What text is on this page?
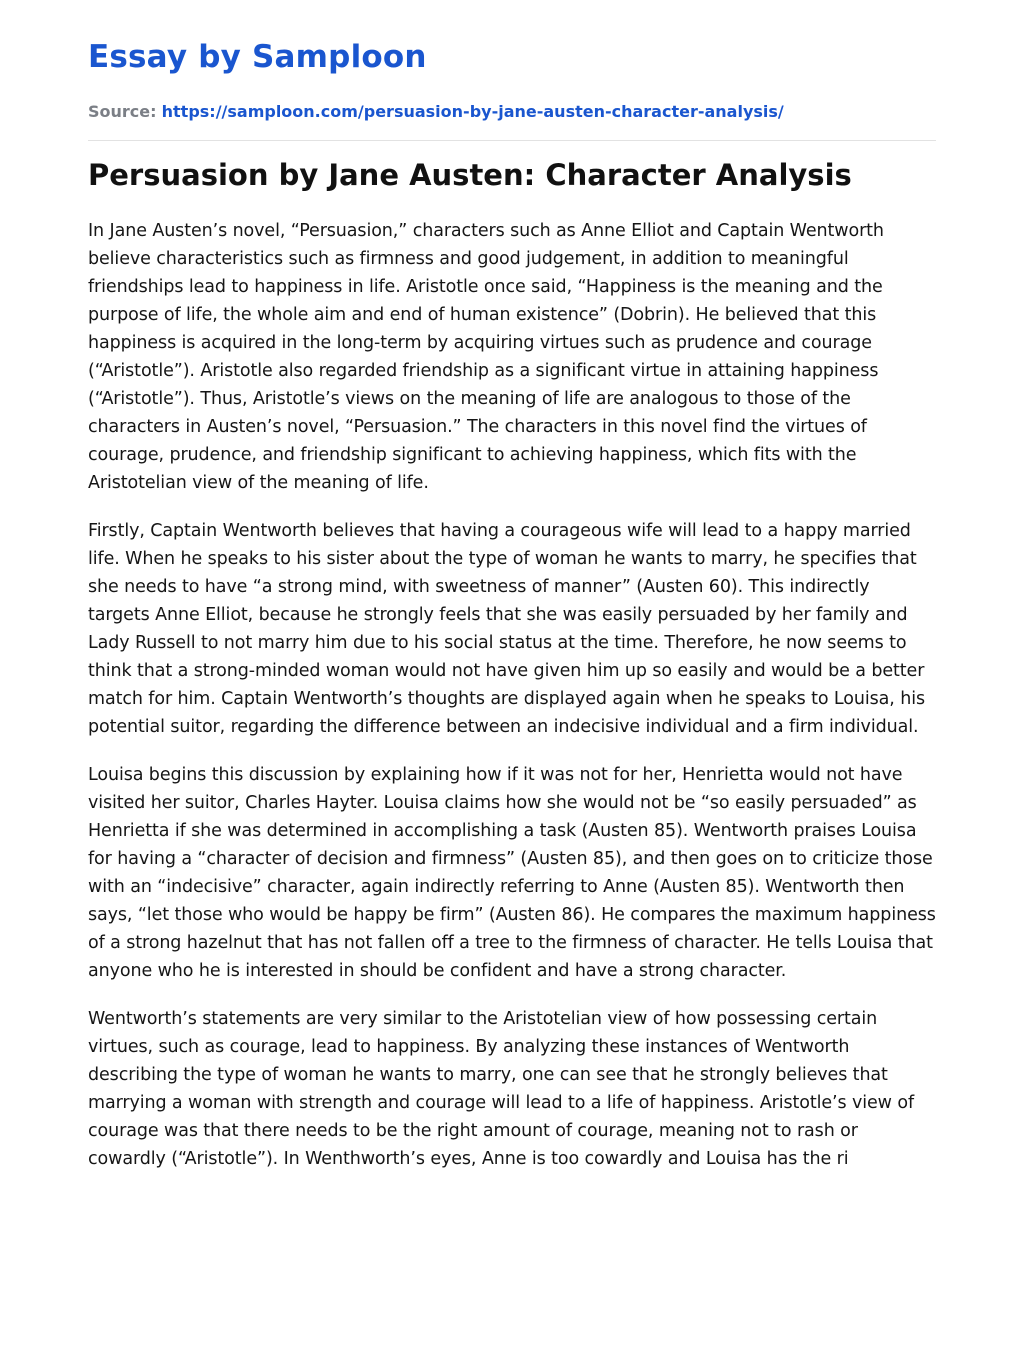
Essay by Samploon
Source: https://samploon.com/persuasion-by-jane-austen-character-analysis/
Persuasion by Jane Austen: Character Analysis

In Jane Austen’s novel, “Persuasion,” characters such as Anne Elliot and Captain Wentworth believe characteristics such as firmness and good judgement, in addition to meaningful friendships lead to happiness in life. Aristotle once said, “Happiness is the meaning and the purpose of life, the whole aim and end of human existence” (Dobrin). He believed that this happiness is acquired in the long-term by acquiring virtues such as prudence and courage (“Aristotle”). Aristotle also regarded friendship as a significant virtue in attaining happiness (“Aristotle”). Thus, Aristotle’s views on the meaning of life are analogous to those of the characters in Austen’s novel, “Persuasion.” The characters in this novel find the virtues of courage, prudence, and friendship significant to achieving happiness, which fits with the Aristotelian view of the meaning of life.

Firstly, Captain Wentworth believes that having a courageous wife will lead to a happy married life. When he speaks to his sister about the type of woman he wants to marry, he specifies that she needs to have “a strong mind, with sweetness of manner” (Austen 60). This indirectly targets Anne Elliot, because he strongly feels that she was easily persuaded by her family and Lady Russell to not marry him due to his social status at the time. Therefore, he now seems to think that a strong-minded woman would not have given him up so easily and would be a better match for him. Captain Wentworth’s thoughts are displayed again when he speaks to Louisa, his potential suitor, regarding the difference between an indecisive individual and a firm individual.

Louisa begins this discussion by explaining how if it was not for her, Henrietta would not have visited her suitor, Charles Hayter. Louisa claims how she would not be “so easily persuaded” as Henrietta if she was determined in accomplishing a task (Austen 85). Wentworth praises Louisa for having a “character of decision and firmness” (Austen 85), and then goes on to criticize those with an “indecisive” character, again indirectly referring to Anne (Austen 85). Wentworth then says, “let those who would be happy be firm” (Austen 86). He compares the maximum happiness of a strong hazelnut that has not fallen off a tree to the firmness of character. He tells Louisa that anyone who he is interested in should be confident and have a strong character.

Wentworth’s statements are very similar to the Aristotelian view of how possessing certain virtues, such as courage, lead to happiness. By analyzing these instances of Wentworth describing the type of woman he wants to marry, one can see that he strongly believes that marrying a woman with strength and courage will lead to a life of happiness. Aristotle’s view of courage was that there needs to be the right amount of courage, meaning not to rash or cowardly (“Aristotle”). In Wenthworth’s eyes, Anne is too cowardly and Louisa has the ri
